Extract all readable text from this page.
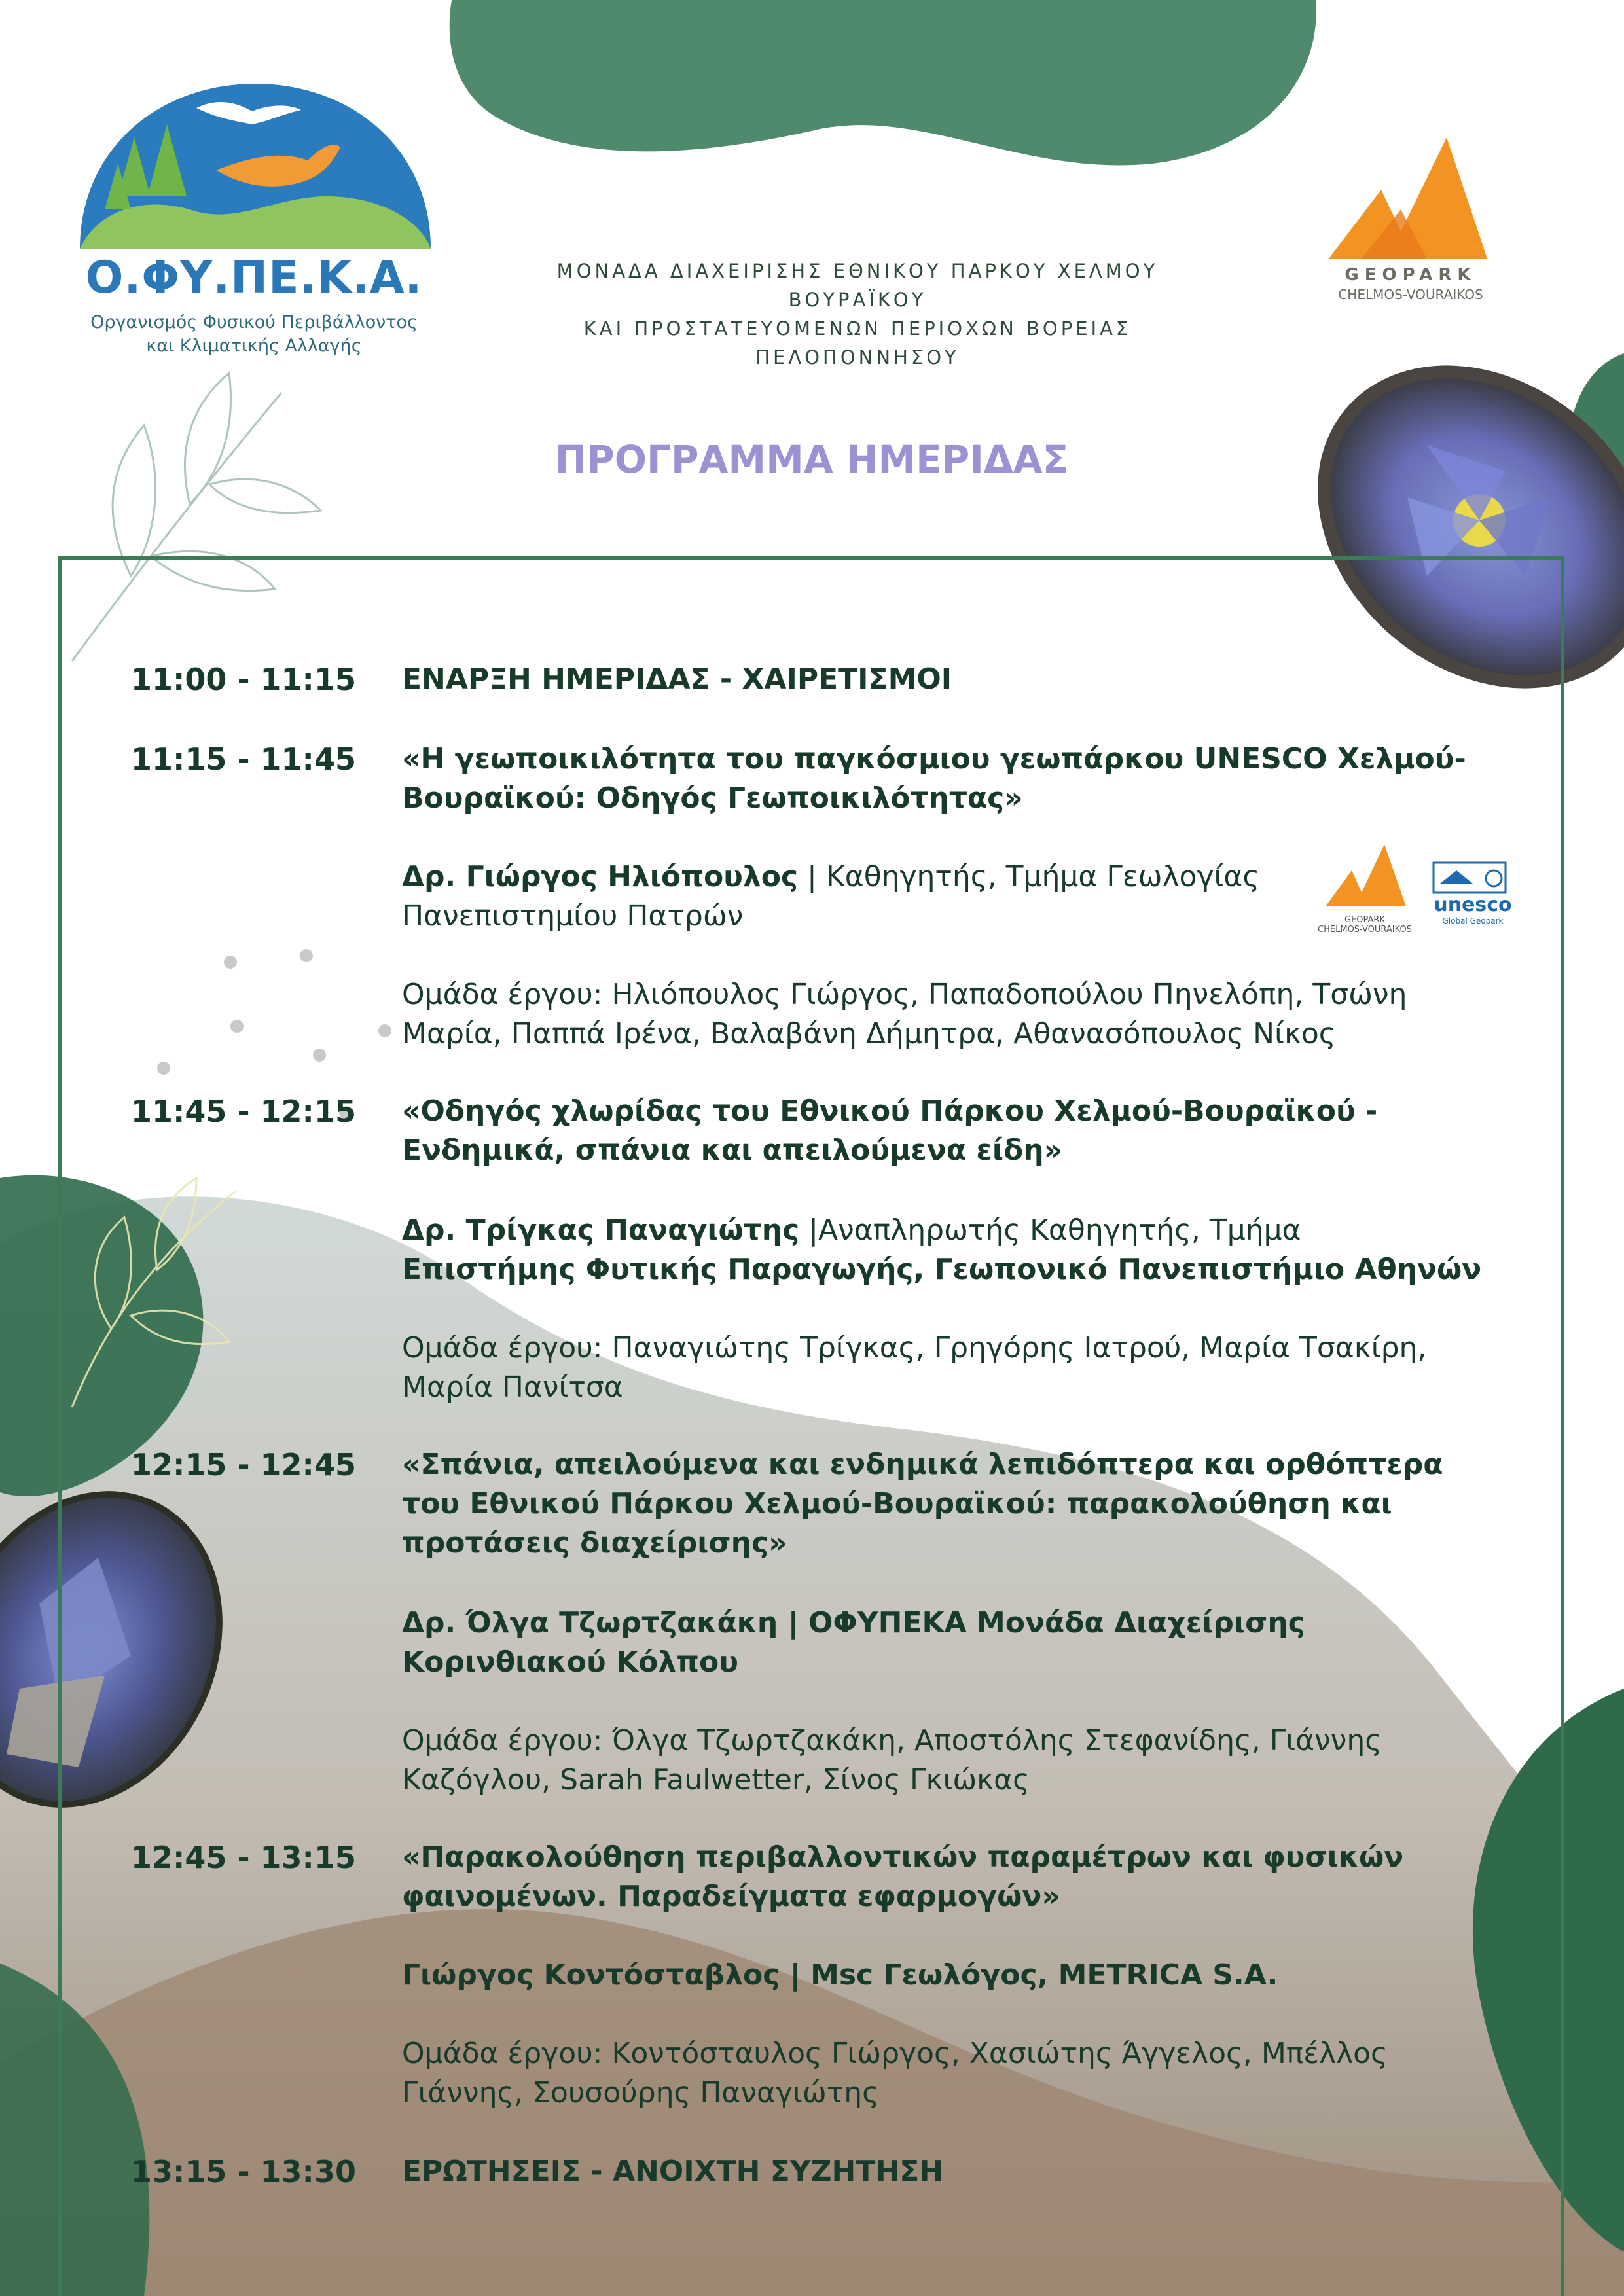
Ο.ΦΥ.ΠΕ.Κ.Α.
Οργανισμός Φυσικού Περιβάλλοντος
και Κλιματικής Αλλαγής
ΜΟΝΑΔΑ ΔΙΑΧΕΙΡΙΣΗΣ ΕΘΝΙΚΟΥ ΠΑΡΚΟΥ ΧΕΛΜΟΥ ΒΟΥΡΑΪΚΟΥ
ΚΑΙ ΠΡΟΣΤΑΤΕΥΟΜΕΝΩΝ ΠΕΡΙΟΧΩΝ ΒΟΡΕΙΑΣ ΠΕΛΟΠΟΝΝΗΣΟΥ
GEOPARK
CHELMOS-VOURAIKOS
ΠΡΟΓΡΑΜΜΑ ΗΜΕΡΙΔΑΣ
GEOPARK
CHELMOS-VOURAIKOS
unesco
Global Geopark
11:00 - 11:15	ΕΝΑΡΞΗ ΗΜΕΡΙΔΑΣ - ΧΑΙΡΕΤΙΣΜΟΙ
11:15 - 11:45	«Η γεωποικιλότητα του παγκόσμιου γεωπάρκου UNESCO Χελμού-
Βουραϊκού: Οδηγός Γεωποικιλότητας»
Δρ. Γιώργος Ηλιόπουλος | Καθηγητής, Τμήμα Γεωλογίας
Πανεπιστημίου Πατρών
Ομάδα έργου: Ηλιόπουλος Γιώργος, Παπαδοπούλου Πηνελόπη, Τσώνη
Μαρία, Παππά Ιρένα, Βαλαβάνη Δήμητρα, Αθανασόπουλος Νίκος
11:45 - 12:15	«Οδηγός χλωρίδας του Εθνικού Πάρκου Χελμού-Βουραϊκού -
Ενδημικά, σπάνια και απειλούμενα είδη»
Δρ. Τρίγκας Παναγιώτης |Αναπληρωτής Καθηγητής, Τμήμα
Επιστήμης Φυτικής Παραγωγής, Γεωπονικό Πανεπιστήμιο Αθηνών
Ομάδα έργου: Παναγιώτης Τρίγκας, Γρηγόρης Ιατρού, Μαρία Τσακίρη,
Μαρία Πανίτσα
12:15 - 12:45	«Σπάνια, απειλούμενα και ενδημικά λεπιδόπτερα και ορθόπτερα
του Εθνικού Πάρκου Χελμού-Βουραϊκού: παρακολούθηση και
προτάσεις διαχείρισης»
Δρ. Όλγα Τζωρτζακάκη | ΟΦΥΠΕΚΑ Μονάδα Διαχείρισης
Κορινθιακού Κόλπου
Ομάδα έργου: Όλγα Τζωρτζακάκη, Αποστόλης Στεφανίδης, Γιάννης
Καζόγλου, Sarah Faulwetter, Σίνος Γκιώκας
12:45 - 13:15	«Παρακολούθηση περιβαλλοντικών παραμέτρων και φυσικών
φαινομένων. Παραδείγματα εφαρμογών»
Γιώργος Κοντόσταβλος | Msc Γεωλόγος, METRICA S.A.
Ομάδα έργου: Κοντόσταυλος Γιώργος, Χασιώτης Άγγελος, Μπέλλος
Γιάννης, Σουσούρης Παναγιώτης
13:15 - 13:30	ΕΡΩΤΗΣΕΙΣ - ΑΝΟΙΧΤΗ ΣΥΖΗΤΗΣΗ
